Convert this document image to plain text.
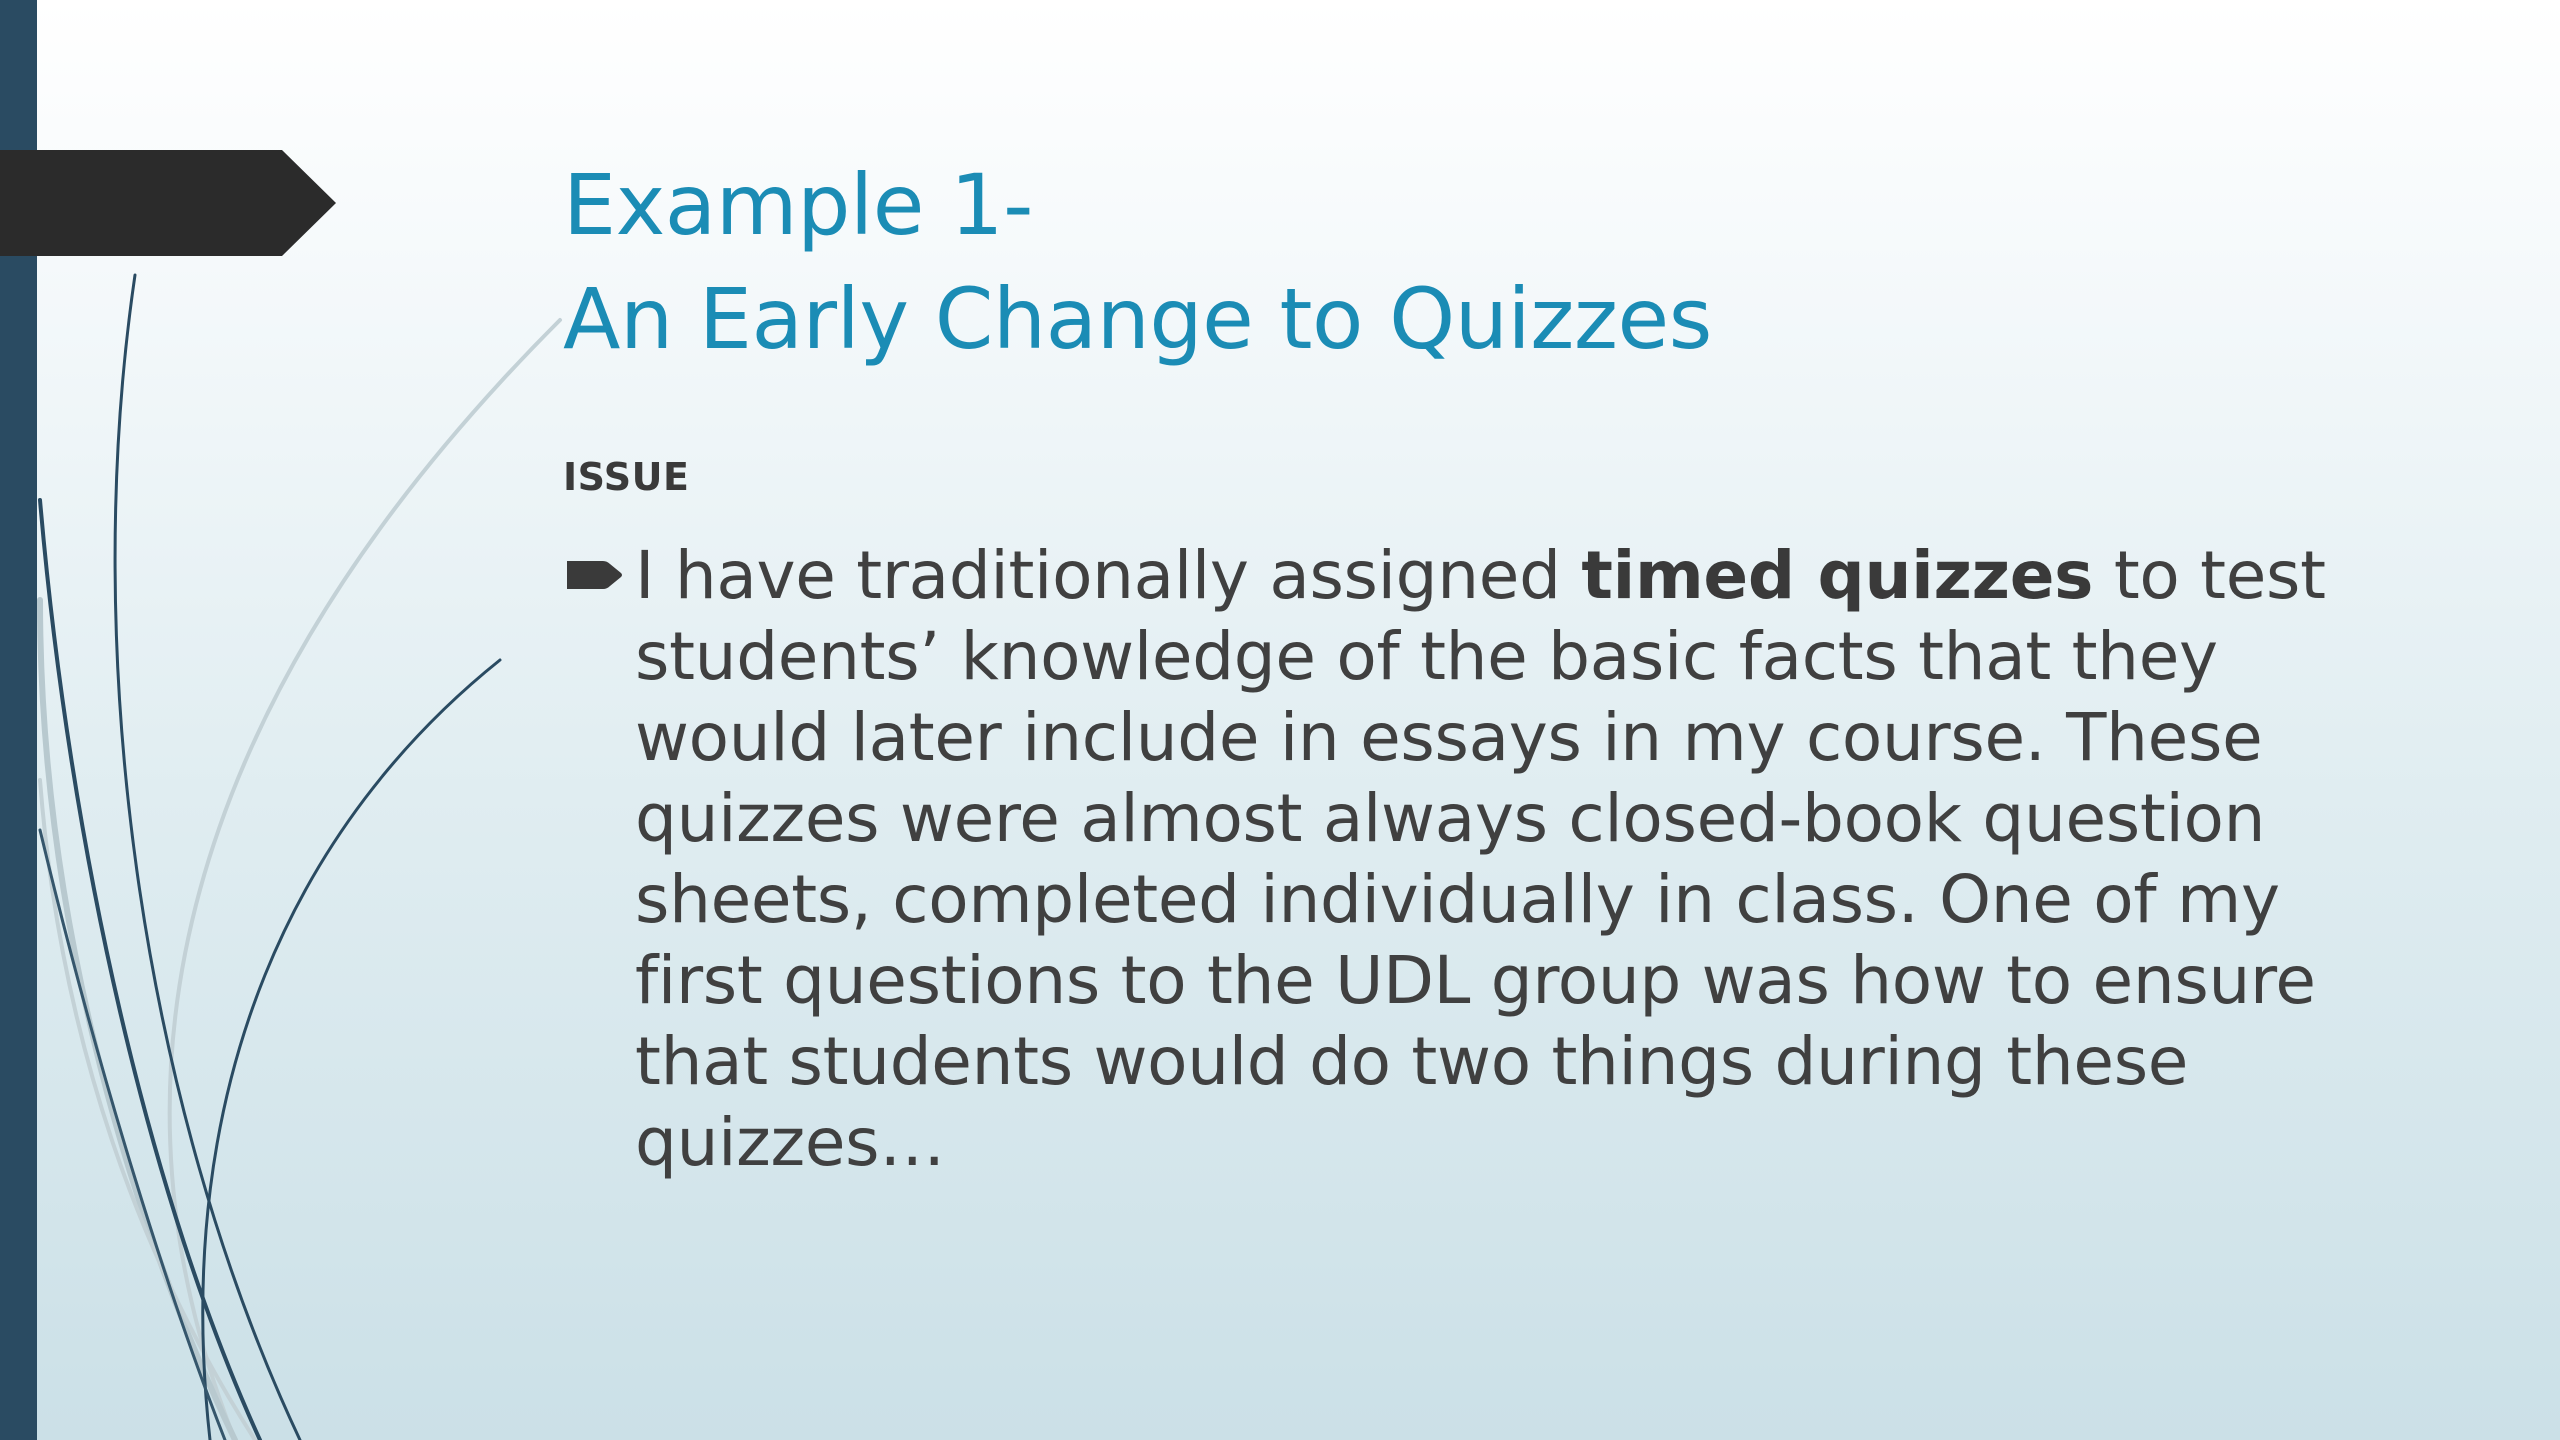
Example 1-
An Early Change to Quizzes
ISSUE

I have traditionally assigned timed quizzes to test students’ knowledge of the basic facts that they would later include in essays in my course. These quizzes were almost always closed-book question sheets, completed individually in class. One of my first questions to the UDL group was how to ensure that students would do two things during these quizzes…
